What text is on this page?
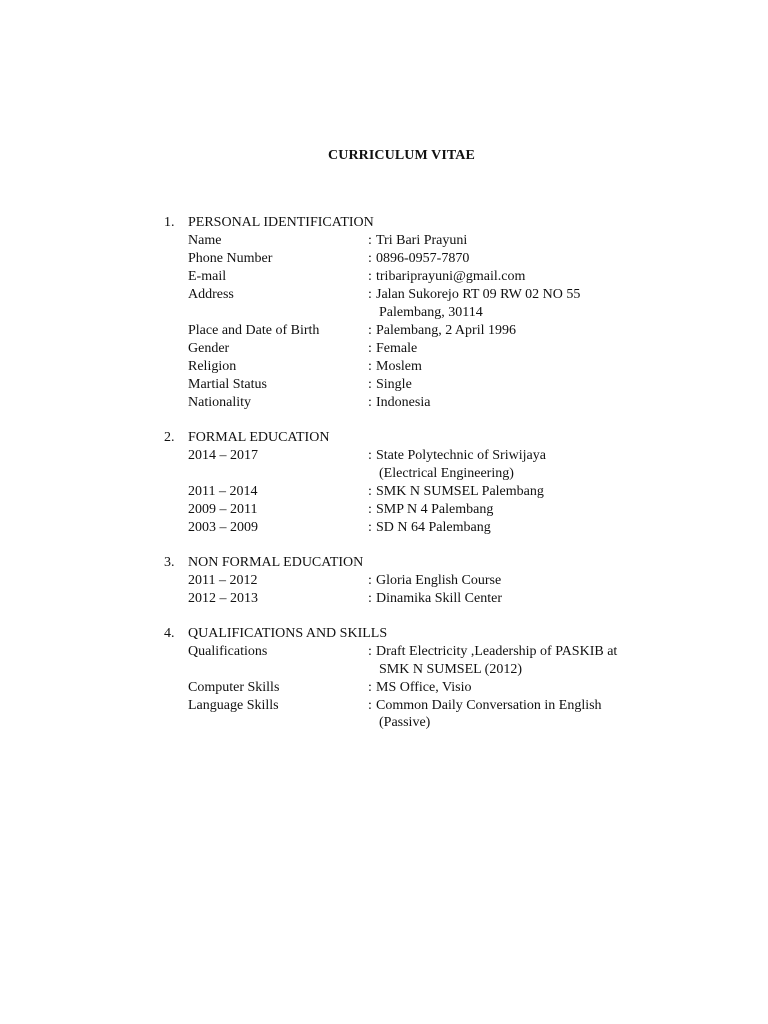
CURRICULUM VITAE
1. PERSONAL IDENTIFICATION
Name	: Tri Bari Prayuni
Phone Number	: 0896-0957-7870
E-mail	: tribariprayuni@gmail.com
Address	: Jalan Sukorejo RT 09 RW 02 NO 55
Palembang, 30114
Place and Date of Birth	: Palembang, 2 April 1996
Gender	: Female
Religion	: Moslem
Martial Status	: Single
Nationality	: Indonesia
2. FORMAL EDUCATION
2014 – 2017	: State Polytechnic of Sriwijaya
(Electrical Engineering)
2011 – 2014	: SMK N SUMSEL Palembang
2009 – 2011	: SMP N 4 Palembang
2003 – 2009	: SD N 64 Palembang
3. NON FORMAL EDUCATION
2011 – 2012	: Gloria English Course
2012 – 2013	: Dinamika Skill Center
4. QUALIFICATIONS AND SKILLS
Qualifications	: Draft Electricity ,Leadership of PASKIB at
SMK N SUMSEL (2012)
Computer Skills	: MS Office, Visio
Language Skills	: Common Daily Conversation in English
(Passive)
